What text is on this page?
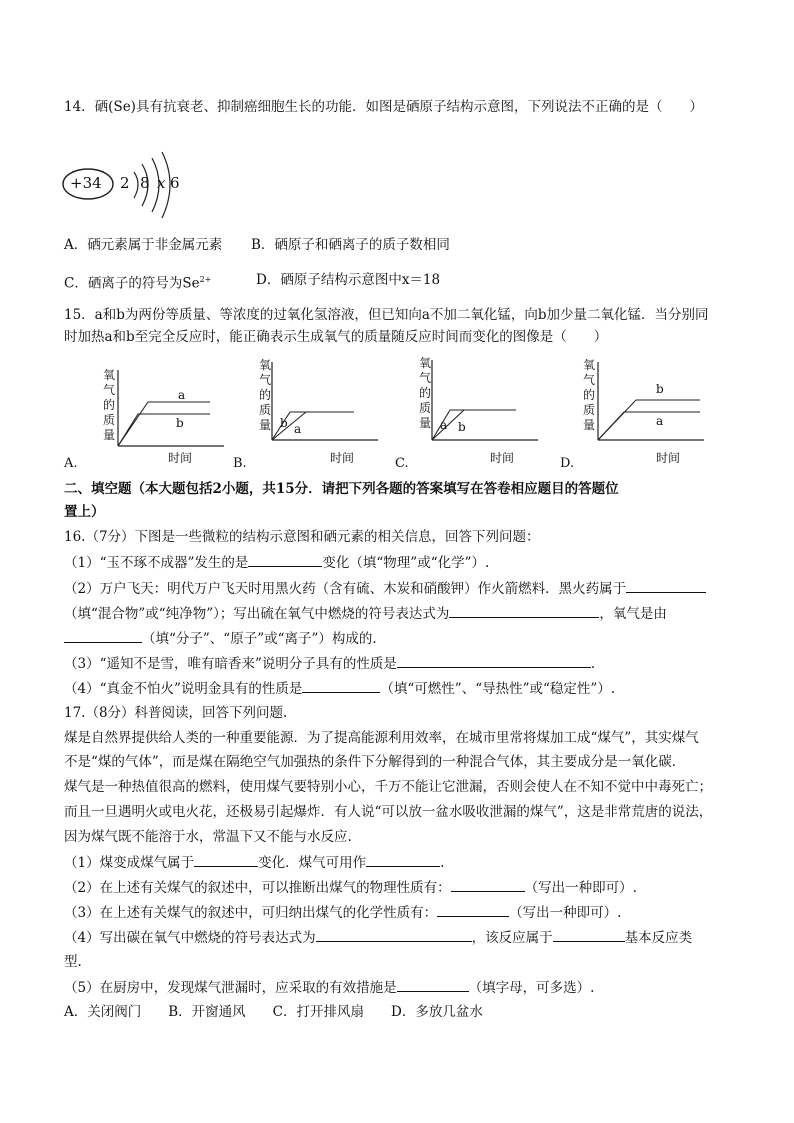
14．硒(Se)具有抗衰老、抑制癌细胞生长的功能．如图是硒原子结构示意图，下列说法不正确的是（　　）
+34 2 8 x 6
A．硒元素属于非金属元素 B．硒原子和硒离子的质子数相同
C．硒离子的符号为$Se^{2+}$	D．硒原子结构示意图中x＝18
15．a和b为两份等质量、等浓度的过氧化氢溶液，但已知向a不加二氧化锰，向b加少量二氧化锰．当分别同
时加热a和b至完全反应时，能正确表示生成氧气的质量随反应时间而变化的图像是（　　）
氧
气
的
质
量
a
b
时间
A.
氧
气
的
质
量 b a
时间
B.
氧
气
的
质
量 a b
时间
C.
氧
气
的
质
量
b
a
时间
D.
二、填空题（本大题包括2小题，共15分．请把下列各题的答案填写在答卷相应题目的答题位
置上）
16.（7分）下图是一些微粒的结构示意图和硒元素的相关信息，回答下列问题：
（1）“玉不琢不成器”发生的是	变化（填“物理”或“化学”）.
（2）万户飞天：明代万户飞天时用黑火药（含有硫、木炭和硝酸钾）作火箭燃料．黑火药属于
（填“混合物”或“纯净物”）；写出硫在氧气中燃烧的符号表达式为	，氧气是由
（填“分子”、“原子”或“离子”）构成的.
（3）“遥知不是雪，唯有暗香来”说明分子具有的性质是	.
（4）“真金不怕火”说明金具有的性质是	（填“可燃性”、“导热性”或“稳定性”）.
17.（8分）科普阅读，回答下列问题.
煤是自然界提供给人类的一种重要能源．为了提高能源利用效率，在城市里常将煤加工成“煤气”，其实煤气
不是“煤的气体”，而是煤在隔绝空气加强热的条件下分解得到的一种混合气体，其主要成分是一氧化碳．
煤气是一种热值很高的燃料，使用煤气要特别小心，千万不能让它泄漏，否则会使人在不知不觉中中毒死亡；
而且一旦遇明火或电火花，还极易引起爆炸．有人说“可以放一盆水吸收泄漏的煤气”，这是非常荒唐的说法，
因为煤气既不能溶于水，常温下又不能与水反应.
（1）煤变成煤气属于	变化．煤气可用作	.
（2）在上述有关煤气的叙述中，可以推断出煤气的物理性质有：	（写出一种即可）.
（3）在上述有关煤气的叙述中，可归纳出煤气的化学性质有：	（写出一种即可）.
（4）写出碳在氧气中燃烧的符号表达式为	，该反应属于	基本反应类
型.
（5）在厨房中，发现煤气泄漏时，应采取的有效措施是	（填字母，可多选）.
A．关闭阀门　　B．开窗通风　　C．打开排风扇　　D．多放几盆水
